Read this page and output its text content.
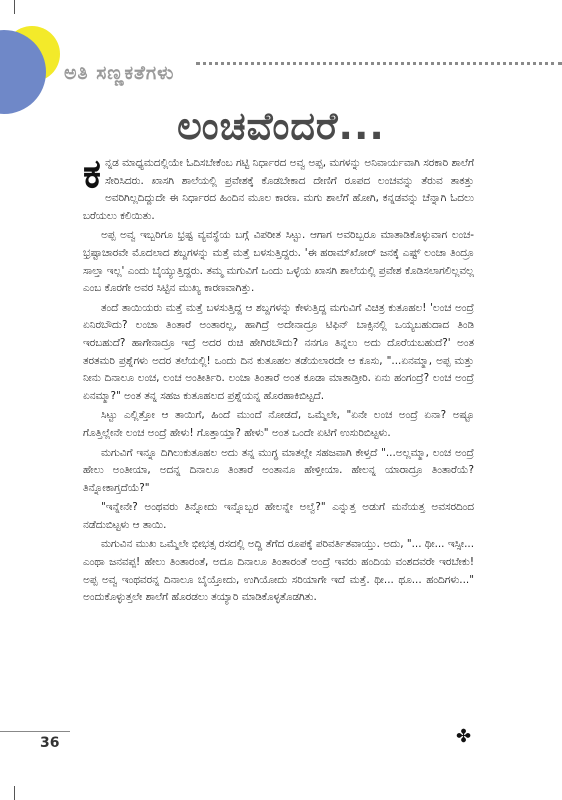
ಅತಿ ಸಣ್ಣಕತೆಗಳು
ಲಂಚವೆಂದರೆ...

ಕನ್ನಡ ಮಾಧ್ಯಮದಲ್ಲಿಯೇ ಓದಿಸಬೇಕೆಂಬ ಗಟ್ಟಿ ನಿರ್ಧಾರದ ಅವ್ವ ಅಪ್ಪ, ಮಗಳನ್ನು ಅನಿವಾರ್ಯವಾಗಿ ಸರಕಾರಿ ಶಾಲೆಗೆ ಸೇರಿಸಿದರು. ಖಾಸಗಿ ಶಾಲೆಯಲ್ಲಿ ಪ್ರವೇಶಕ್ಕೆ ಕೊಡಬೇಕಾದ ದೇಣಿಗೆ ರೂಪದ ಲಂಚವನ್ನು ತೆರುವ ತಾಕತ್ತು ಅವರಿಗಿಲ್ಲದಿದ್ದುದೇ ಈ ನಿರ್ಧಾರದ ಹಿಂದಿನ ಮೂಲ ಕಾರಣ. ಮಗು ಶಾಲೆಗೆ ಹೋಗಿ, ಕನ್ನಡವನ್ನು ಚೆನ್ನಾಗಿ ಓದಲು ಬರೆಯಲು ಕಲಿಯಿತು.

ಅಪ್ಪ ಅವ್ವ ಇಬ್ಬರಿಗೂ ಭ್ರಷ್ಟ ವ್ಯವಸ್ಥೆಯ ಬಗ್ಗೆ ವಿಪರೀತ ಸಿಟ್ಟು. ಆಗಾಗ ಅವರಿಬ್ಬರೂ ಮಾತಾಡಿಕೊಳ್ಳುವಾಗ ಲಂಚ-ಭ್ರಷ್ಟಾಚಾರವೇ ಮೊದಲಾದ ಶಬ್ದಗಳನ್ನು ಮತ್ತೆ ಮತ್ತೆ ಬಳಸುತ್ತಿದ್ದರು. 'ಈ ಹರಾಮ್‌ಖೋರ್ ಜನಕ್ಕೆ ಎಷ್ಟ್ ಲಂಚಾ ತಿಂದ್ರೂ ಸಾಲ್ತಾ ಇಲ್ಲ' ಎಂದು ಬೈಯ್ಯುತ್ತಿದ್ದರು. ತಮ್ಮ ಮಗುವಿಗೆ ಒಂದು ಒಳ್ಳೆಯ ಖಾಸಗಿ ಶಾಲೆಯಲ್ಲಿ ಪ್ರವೇಶ ಕೊಡಿಸಲಾಗಲಿಲ್ಲವಲ್ಲ ಎಂಬ ಕೊರಗೇ ಅವರ ಸಿಟ್ಟಿನ ಮುಖ್ಯ ಕಾರಣವಾಗಿತ್ತು.

ತಂದೆ ತಾಯಿಯರು ಮತ್ತೆ ಮತ್ತೆ ಬಳಸುತ್ತಿದ್ದ ಆ ಶಬ್ದಗಳನ್ನು ಕೇಳುತ್ತಿದ್ದ ಮಗುವಿಗೆ ವಿಚಿತ್ರ ಕುತೂಹಲ! 'ಲಂಚ ಅಂದ್ರೆ ಏನಿರಬೌದು? ಲಂಚಾ ತಿಂತಾರೆ ಅಂತಾರಲ್ಲ, ಹಾಗಿದ್ರೆ ಅದೇನಾದ್ರೂ ಟಿಫಿನ್ ಬಾಕ್ಸಿನಲ್ಲಿ ಒಯ್ಯಬಹುದಾದ ತಿಂಡಿ ಇರಬಹುದೆ? ಹಾಗೇನಾದ್ರೂ ಇದ್ರೆ ಅದರ ರುಚಿ ಹೇಗಿರಬೌದು? ನನಗೂ ತಿನ್ನಲು ಅದು ದೊರೆಯಬಹುದೆ?' ಅಂತ ತರತಮರಿ ಪ್ರಶ್ನೆಗಳು ಅದರ ತಲೆಯಲ್ಲಿ! ಒಂದು ದಿನ ಕುತೂಹಲ ತಡೆಯಲಾರದೇ ಆ ಕೂಸು, "...ಏನಮ್ಮಾ, ಅಪ್ಪ ಮತ್ತು ನೀನು ದಿನಾಲೂ ಲಂಚ, ಲಂಚ ಅಂತೀರ್ತಿರಿ. ಲಂಚಾ ತಿಂತಾರೆ ಅಂತ ಕೂಡಾ ಮಾತಾಡ್ತೀರಿ. ಏನು ಹಂಗಂದ್ರೆ? ಲಂಚ ಅಂದ್ರೆ ಏನಮ್ಮಾ?" ಅಂತ ತನ್ನ ಸಹಜ ಕುತೂಹಲದ ಪ್ರಶ್ನೆಯನ್ನ ಹೊರಹಾಕಿಬಿಟ್ಟದೆ.

ಸಿಟ್ಟು ಎಲ್ಲಿತ್ತೋ ಆ ತಾಯಿಗೆ, ಹಿಂದೆ ಮುಂದೆ ನೋಡದೆ, ಒಮ್ಮೆಲೇ, "ಏನೇ ಲಂಚ ಅಂದ್ರೆ ಏನಾ? ಅಷ್ಟೂ ಗೊತ್ತಿಲ್ಲೇನೇ ಲಂಚ ಅಂದ್ರೆ ಹೇಳು! ಗೊತ್ತಾಯ್ತಾ? ಹೇಳು" ಅಂತ ಒಂದೇ ಏಟಿಗೆ ಉಸುರಿಬಿಟ್ಟಳು.

ಮಗುವಿಗೆ ಇನ್ನೂ ದಿಗಿಲುಕುತೂಹಲ ಅದು ತನ್ನ ಮುಗ್ಧ ಮಾತಲ್ಲೇ ಸಹಜವಾಗಿ ಕೇಳ್ತದೆ "...ಅಲ್ಲಮ್ಮಾ, ಲಂಚ ಅಂದ್ರೆ ಹೇಲು ಅಂತೀಯಾ, ಅದನ್ನ ದಿನಾಲೂ ತಿಂತಾರೆ ಅಂತಾನೂ ಹೇಳ್ತೀಯಾ. ಹೇಲನ್ನ ಯಾರಾದ್ರೂ ತಿಂತಾರೆಯೆ? ತಿನ್ನೋಕಾಗ್ತದೆಯೆ?"

"ಇನ್ನೇನೇ? ಅಂಥವರು ತಿನ್ನೋದು ಇನ್ನೊಬ್ಬರ ಹೇಲನ್ನೇ ಅಲ್ವೆ?" ಎನ್ನುತ್ತ ಅಡುಗೆ ಮನೆಯತ್ತ ಅವಸರದಿಂದ ನಡೆದುಬಿಟ್ಟಳು ಆ ತಾಯಿ.

ಮಗುವಿನ ಮುಖ ಒಮ್ಮೆಲೇ ಭೀಭತ್ಸ ರಸದಲ್ಲಿ ಅದ್ದಿ ತೆಗೆದ ರೂಪಕ್ಕೆ ಪರಿವರ್ತಿತವಾಯ್ತು. ಅದು, "... ಥೀ... ಇಸ್ಸೀ... ಎಂಥಾ ಜನವಪ್ಪ! ಹೇಲು ತಿಂತಾರಂತೆ, ಅದೂ ದಿನಾಲೂ ತಿಂತಾರಂತೆ ಅಂದ್ರೆ ಇವರು ಹಂದಿಯ ವಂಶದವರೇ ಇರಬೇಕು! ಅಪ್ಪ ಅವ್ವ ಇಂಥವರನ್ನ ದಿನಾಲೂ ಬೈಯ್ತೋದು, ಉಗಿಯೋದು ಸರಿಯಾಗೇ ಇದೆ ಮತ್ತೆ. ಥೀ... ಥೂ... ಹಂದಿಗಳು..." ಅಂದುಕೊಳ್ಳುತ್ತಲೇ ಶಾಲೆಗೆ ಹೊರಡಲು ತಯ್ಯಾರಿ ಮಾಡಿಕೊಳ್ಳತೊಡಗಿತು.

36	✤
